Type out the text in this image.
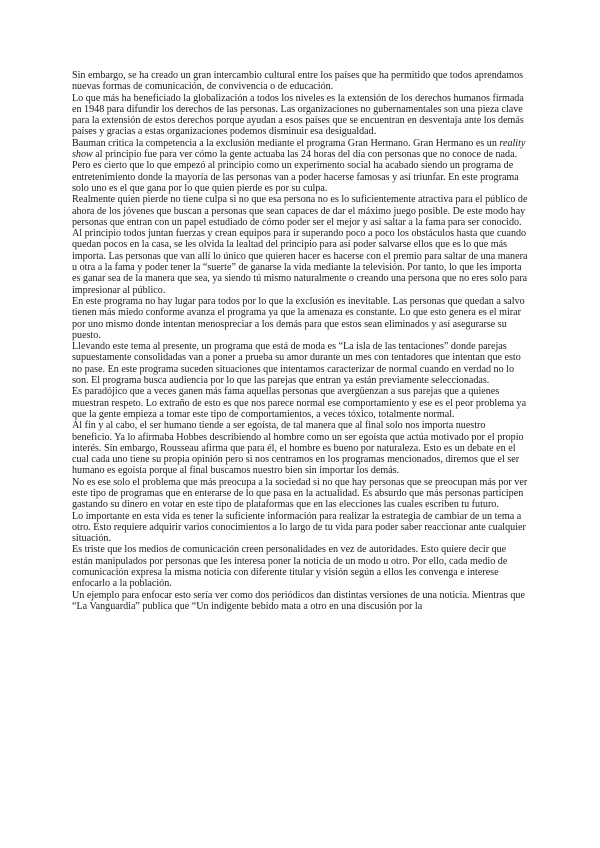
Sin embargo, se ha creado un gran intercambio cultural entre los países que ha permitido que todos aprendamos nuevas formas de comunicación, de convivencia o de educación.

Lo que más ha beneficiado la globalización a todos los niveles es la extensión de los derechos humanos firmada en 1948 para difundir los derechos de las personas. Las organizaciones no gubernamentales son una pieza clave para la extensión de estos derechos porque ayudan a esos países que se encuentran en desventaja ante los demás países y gracias a estas organizaciones podemos disminuir esa desigualdad.

Bauman critica la competencia a la exclusión mediante el programa Gran Hermano. Gran Hermano es un reality show al principio fue para ver cómo la gente actuaba las 24 horas del día con personas que no conoce de nada. Pero es cierto que lo que empezó al principio como un experimento social ha acabado siendo un programa de entretenimiento donde la mayoría de las personas van a poder hacerse famosas y así triunfar. En este programa solo uno es el que gana por lo que quien pierde es por su culpa.

Realmente quien pierde no tiene culpa si no que esa persona no es lo suficientemente atractiva para el público de ahora de los jóvenes que buscan a personas que sean capaces de dar el máximo juego posible. De este modo hay personas que entran con un papel estudiado de cómo poder ser el mejor y así saltar a la fama para ser conocido.

Al principio todos juntan fuerzas y crean equipos para ir superando poco a poco los obstáculos hasta que cuando quedan pocos en la casa, se les olvida la lealtad del principio para así poder salvarse ellos que es lo que más importa. Las personas que van allí lo único que quieren hacer es hacerse con el premio para saltar de una manera u otra a la fama y poder tener la “suerte” de ganarse la vida mediante la televisión. Por tanto, lo que les importa es ganar sea de la manera que sea, ya siendo tú mismo naturalmente o creando una persona que no eres solo para impresionar al público.

En este programa no hay lugar para todos por lo que la exclusión es inevitable. Las personas que quedan a salvo tienen más miedo conforme avanza el programa ya que la amenaza es constante. Lo que esto genera es el mirar por uno mismo donde intentan menospreciar a los demás para que estos sean eliminados y así asegurarse su puesto.

Llevando este tema al presente, un programa que está de moda es “La isla de las tentaciones” donde parejas supuestamente consolidadas van a poner a prueba su amor durante un mes con tentadores que intentan que esto no pase. En este programa suceden situaciones que intentamos caracterizar de normal cuando en verdad no lo son. El programa busca audiencia por lo que las parejas que entran ya están previamente seleccionadas.

Es paradójico que a veces ganen más fama aquellas personas que avergüenzan a sus parejas que a quienes muestran respeto. Lo extraño de esto es que nos parece normal ese comportamiento y ese es el peor problema ya que la gente empieza a tomar este tipo de comportamientos, a veces tóxico, totalmente normal.

Al fin y al cabo, el ser humano tiende a ser egoísta, de tal manera que al final solo nos importa nuestro beneficio. Ya lo afirmaba Hobbes describiendo al hombre como un ser egoísta que actúa motivado por el propio interés. Sin embargo, Rousseau afirma que para él, el hombre es bueno por naturaleza. Esto es un debate en el cual cada uno tiene su propia opinión pero si nos centramos en los programas mencionados, diremos que el ser humano es egoísta porque al final buscamos nuestro bien sin importar los demás.

No es ese solo el problema que más preocupa a la sociedad si no que hay personas que se preocupan más por ver este tipo de programas que en enterarse de lo que pasa en la actualidad. Es absurdo que más personas participen gastando su dinero en votar en este tipo de plataformas que en las elecciones las cuales escriben tu futuro.

Lo importante en esta vida es tener la suficiente información para realizar la estrategia de cambiar de un tema a otro. Esto requiere adquirir varios conocimientos a lo largo de tu vida para poder saber reaccionar ante cualquier situación.

Es triste que los medios de comunicación creen personalidades en vez de autoridades. Esto quiere decir que están manipulados por personas que les interesa poner la noticia de un modo u otro. Por ello, cada medio de comunicación expresa la misma noticia con diferente titular y visión según a ellos les convenga e interese enfocarlo a la población.

Un ejemplo para enfocar esto sería ver como dos periódicos dan distintas versiones de una noticia. Mientras que “La Vanguardia” publica que “Un indigente bebido mata a otro en una discusión por la
